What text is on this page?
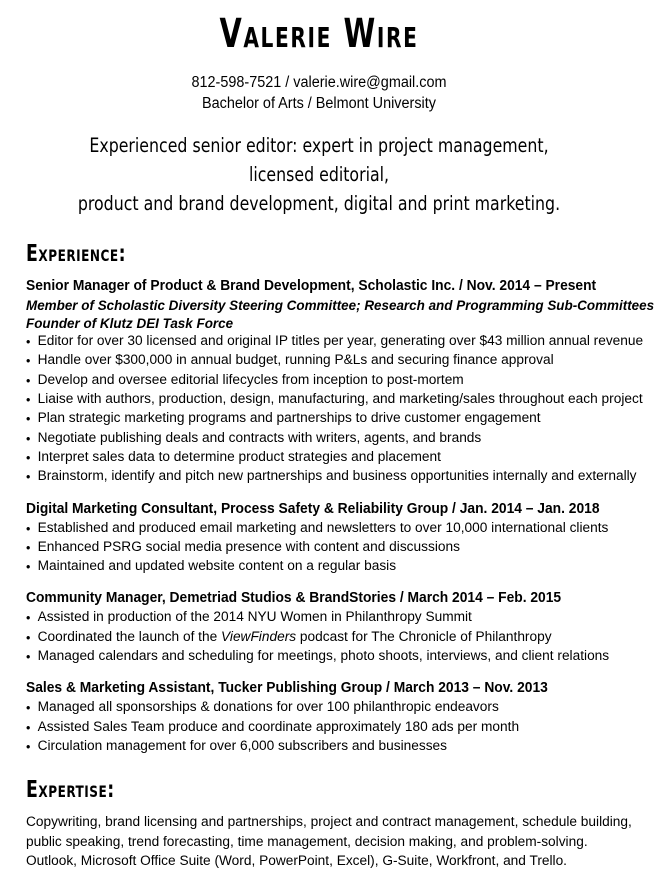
Valerie Wire
812-598-7521 / valerie.wire@gmail.com
Bachelor of Arts / Belmont University
Experienced senior editor: expert in project management, licensed editorial,
product and brand development, digital and print marketing.
Experience:
Senior Manager of Product & Brand Development, Scholastic Inc. / Nov. 2014 – Present
Member of Scholastic Diversity Steering Committee; Research and Programming Sub-Committees
Founder of Klutz DEI Task Force
• Editor for over 30 licensed and original IP titles per year, generating over $43 million annual revenue
• Handle over $300,000 in annual budget, running P&Ls and securing finance approval
• Develop and oversee editorial lifecycles from inception to post-mortem
• Liaise with authors, production, design, manufacturing, and marketing/sales throughout each project
• Plan strategic marketing programs and partnerships to drive customer engagement
• Negotiate publishing deals and contracts with writers, agents, and brands
• Interpret sales data to determine product strategies and placement
• Brainstorm, identify and pitch new partnerships and business opportunities internally and externally
Digital Marketing Consultant, Process Safety & Reliability Group / Jan. 2014 – Jan. 2018
• Established and produced email marketing and newsletters to over 10,000 international clients
• Enhanced PSRG social media presence with content and discussions
• Maintained and updated website content on a regular basis
Community Manager, Demetriad Studios & BrandStories / March 2014 – Feb. 2015
• Assisted in production of the 2014 NYU Women in Philanthropy Summit
• Coordinated the launch of the ViewFinders podcast for The Chronicle of Philanthropy
• Managed calendars and scheduling for meetings, photo shoots, interviews, and client relations
Sales & Marketing Assistant, Tucker Publishing Group / March 2013 – Nov. 2013
• Managed all sponsorships & donations for over 100 philanthropic endeavors
• Assisted Sales Team produce and coordinate approximately 180 ads per month
• Circulation management for over 6,000 subscribers and businesses
Expertise:
Copywriting, brand licensing and partnerships, project and contract management, schedule building,
public speaking, trend forecasting, time management, decision making, and problem-solving.
Outlook, Microsoft Office Suite (Word, PowerPoint, Excel), G-Suite, Workfront, and Trello.
